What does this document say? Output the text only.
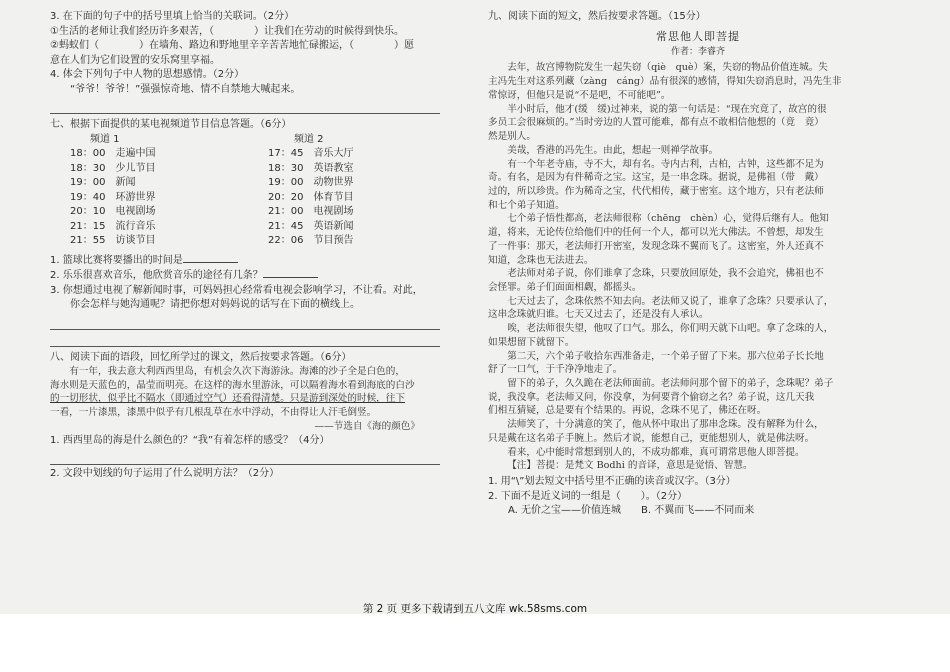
3. 在下面的句子中的括号里填上恰当的关联词。（2分）

①生活的老师让我们经历许多艰苦，（　　　　）让我们在劳动的时候得到快乐。

②蚂蚁们（　　　　）在墙角、路边和野地里辛辛苦苦地忙碌搬运，（　　　　）愿

意在人们为它们设置的安乐窝里享福。

4. 体会下列句子中人物的思想感情。（2分）

“爷爷！爷爷！”强强惊奇地、情不自禁地大喊起来。

七、根据下面提供的某电视频道节目信息答题。（6分）

频道 1	频道 2
18：00　 走遍中国	17：45　 音乐大厅
18：30　 少儿节目	18：30　 英语教室
19：00　 新闻	19：00　 动物世界
19：40　 环游世界	20：20　 体育节目
20：10　 电视剧场	21：00　 电视剧场
21：15　 流行音乐	21：45　 英语新闻
21：55　 访谈节目	22：06　 节目预告

1. 篮球比赛将要播出的时间是

2. 乐乐很喜欢音乐，他欣赏音乐的途径有几条？

3. 你想通过电视了解新闻时事，可妈妈担心经常看电视会影响学习，不让看。对此，

你会怎样与她沟通呢？请把你想对妈妈说的话写在下面的横线上。

八、阅读下面的语段，回忆所学过的课文，然后按要求答题。（6分）

有一年，我去意大利西西里岛，有机会久次下海游泳。海滩的沙子全是白色的，

海水则是天蓝色的，晶莹而明亮。在这样的海水里游泳，可以隔着海水看到海底的白沙

的一切形状，似乎比不隔水（即通过空气）还看得清楚。只是游到深处的时候，往下

一看，一片漆黑，漆黑中似乎有几根乱草在水中浮动，不由得让人汗毛倒竖。

——节选自《海的颜色》

1. 西西里岛的海是什么颜色的？“我”有着怎样的感受？（4分）

2. 文段中划线的句子运用了什么说明方法？（2分）

九、阅读下面的短文，然后按要求答题。（15分）

常思他人即菩提

作者：李睿齐

去年，故宫博物院发生一起失窃（qiè　què）案，失窃的物品价值连城。失

主冯先生对这系列藏（zàng　cáng）品有很深的感情，得知失窃消息时，冯先生非

常惊讶，但他只是说“不是吧，不可能吧”。

半小时后，他才(缓　缓)过神来，说的第一句话是：“现在究竟了，故宫的很

多员工会很麻烦的。”当时旁边的人置可能难，都有点不敢相信他想的（竟　竟）

然是别人。

美哉，香港的冯先生。由此，想起一则禅学故事。

有一个年老寺庙，寺不大，却有名。寺内古利，古柏，古钟，这些都不足为

奇。有名，是因为有件稀奇之宝。这宝，是一串念珠。据说，是佛祖（带　戴）

过的，所以珍贵。作为稀奇之宝，代代相传，藏于密室。这个地方，只有老法师

和七个弟子知道。

七个弟子悟性都高，老法师很称（chēng　chèn）心，觉得后继有人。他知

道，将来，无论传位给他们中的任何一个人，都可以光大佛法。不曾想，却发生

了一件事：那天，老法师打开密室，发现念珠不翼而飞了。这密室，外人还真不

知道，念珠也无法进去。

老法师对弟子说，你们谁拿了念珠，只要放回原处，我不会追究，佛祖也不

会怪罪。弟子们面面相觑，都摇头。

七天过去了，念珠依然不知去向。老法师又说了，谁拿了念珠？只要承认了，

这串念珠就归谁。七天又过去了，还是没有人承认。

唉，老法师很失望，他叹了口气。那么，你们明天就下山吧。拿了念珠的人，

如果想留下就留下。

第二天，六个弟子收拾东西准备走，一个弟子留了下来。那六位弟子长长地

舒了一口气，于千净净地走了。

留下的弟子，久久跪在老法师面前。老法师问那个留下的弟子，念珠呢？弟子

说，我没拿。老法师又问，你没拿，为何要背个偷窃之名？弟子说，这几天我

们相互猜疑，总是要有个结果的。再说，念珠不见了，佛还在呀。

法师笑了，十分满意的笑了，他从怀中取出了那串念珠。没有解释为什么，

只是戴在这名弟子手腕上。然后才说，能想自己，更能想别人，就是佛法呀。

看来，心中能时常想到别人的，不成功都难，真可谓常思他人即菩提。

【注】菩提：是梵文 Bodhi 的音译，意思是觉悟、智慧。

1. 用“\”划去短文中括号里不正确的读音或汉字。（3分）

2. 下面不是近义词的一组是（　　）。（2分）

A. 无价之宝——价值连城　　B. 不翼而飞——不同而来

第 2 页 更多下载请到五八文库 wk.58sms.com
